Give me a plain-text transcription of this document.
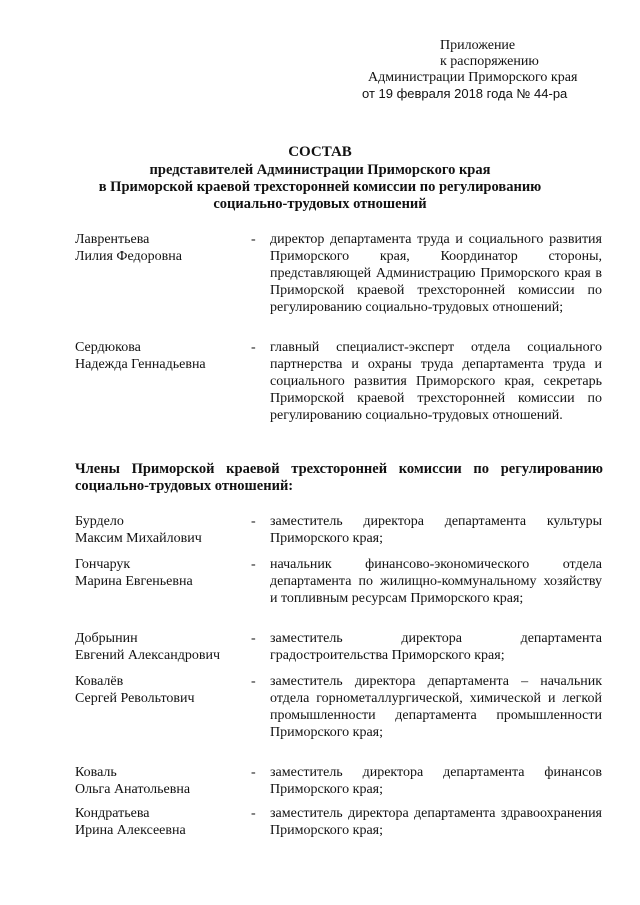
Приложение
к распоряжению
Администрации Приморского края
от 19 февраля 2018 года № 44-ра
СОСТАВ
представителей Администрации Приморского края
в Приморской краевой трехсторонней комиссии по регулированию
социально-трудовых отношений
Лаврентьева
Лилия Федоровна
-	директор департамента труда и социального развития Приморского края, Координатор стороны, представляющей Администрацию Приморского края в Приморской краевой трехсторонней комиссии по регулированию социально-трудовых отношений;
Сердюкова
Надежда Геннадьевна
-	главный специалист-эксперт отдела социального партнерства и охраны труда департамента труда и социального развития Приморского края, секретарь Приморской краевой трехсторонней комиссии по регулированию социально-трудовых отношений.
Члены Приморской краевой трехсторонней комиссии по регулированию социально-трудовых отношений:
Бурдело
Максим Михайлович
-	заместитель директора департамента культуры Приморского края;
Гончарук
Марина Евгеньевна
-	начальник финансово-экономического отдела департамента по жилищно-коммунальному хозяйству и топливным ресурсам Приморского края;
Добрынин
Евгений Александрович
-	заместитель директора департамента градостроительства Приморского края;
Ковалёв
Сергей Револьтович
-	заместитель директора департамента – начальник отдела горнометаллургической, химической и легкой промышленности департамента промышленности Приморского края;
Коваль
Ольга Анатольевна
-	заместитель директора департамента финансов Приморского края;
Кондратьева
Ирина Алексеевна
-	заместитель директора департамента здравоохранения Приморского края;
